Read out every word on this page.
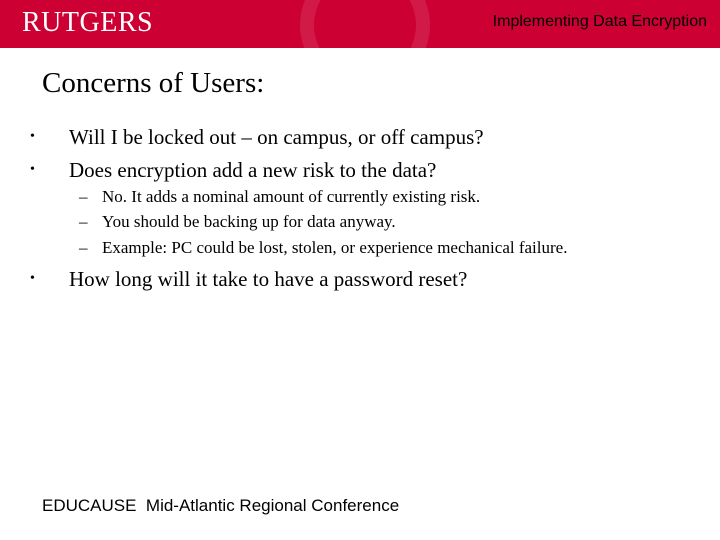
RUTGERS	Implementing Data Encryption
Concerns of Users:
• Will I be locked out – on campus, or off campus?
• Does encryption add a new risk to the data?
– No. It adds a nominal amount of currently existing risk.
– You should be backing up for data anyway.
– Example: PC could be lost, stolen, or experience mechanical failure.
• How long will it take to have a password reset?
EDUCAUSE  Mid-Atlantic Regional Conference
